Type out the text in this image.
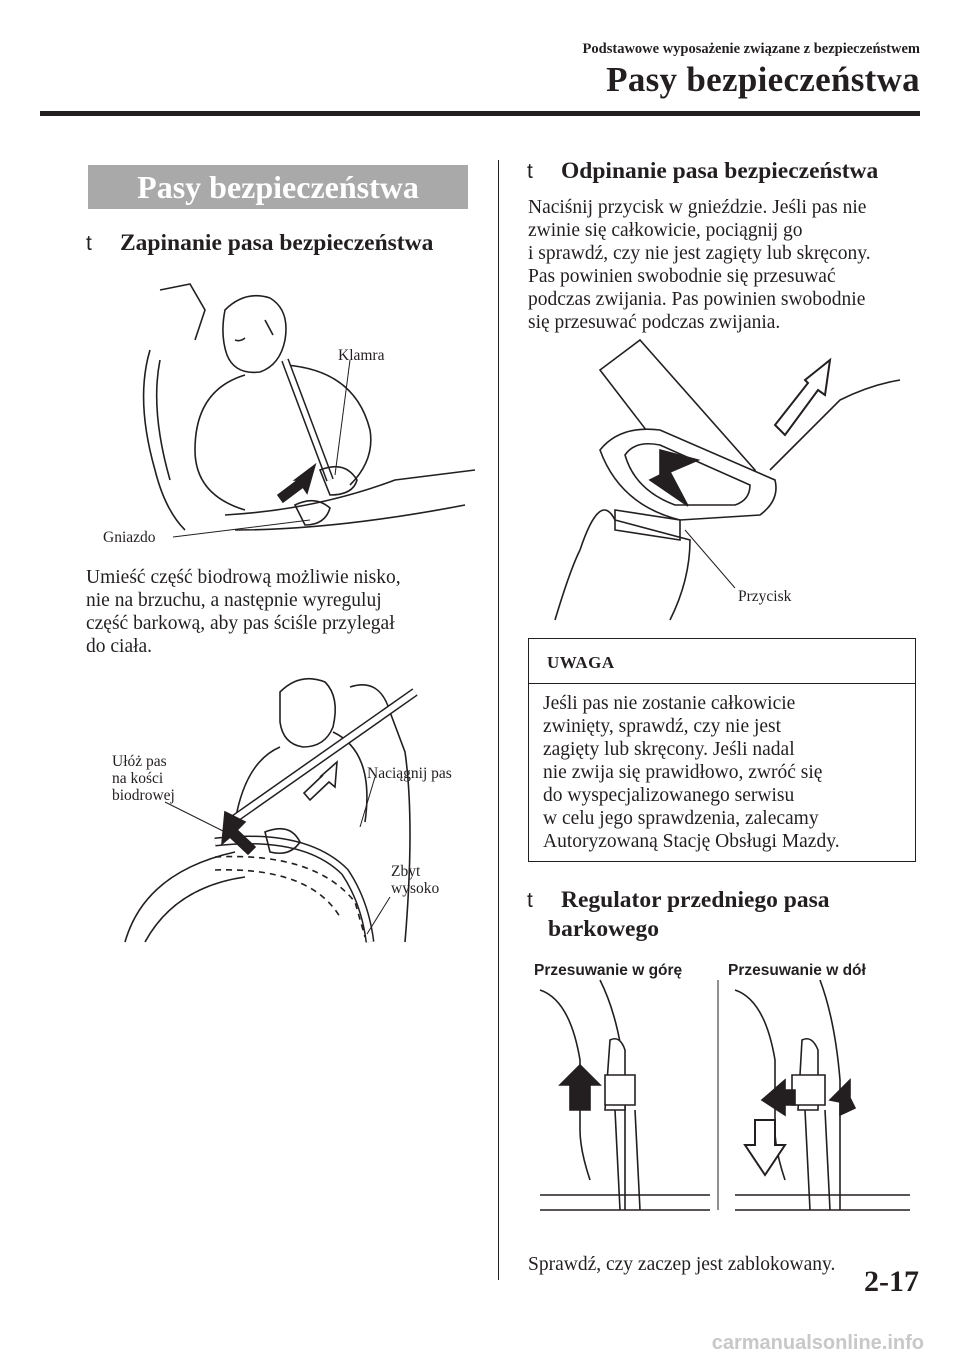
Podstawowe wyposażenie związane z bezpieczeństwem
Pasy bezpieczeństwa
Pasy bezpieczeństwa
t Zapinanie pasa bezpieczeństwa
Klamra
Gniazdo

Umieść część biodrową możliwie nisko,

nie na brzuchu, a następnie wyreguluj

część barkową, aby pas ściśle przylegał

do ciała.

Ułóż pas
na kości
biodrowej
Naciągnij pas
Zbyt
wysoko
t Odpinanie pasa bezpieczeństwa

Naciśnij przycisk w gnieździe. Jeśli pas nie

zwinie się całkowicie, pociągnij go

i sprawdź, czy nie jest zagięty lub skręcony.

Pas powinien swobodnie się przesuwać

podczas zwijania. Pas powinien swobodnie

się przesuwać podczas zwijania.

Przycisk
UWAGA

Jeśli pas nie zostanie całkowicie

zwinięty, sprawdź, czy nie jest

zagięty lub skręcony. Jeśli nadal

nie zwija się prawidłowo, zwróć się

do wyspecjalizowanego serwisu

w celu jego sprawdzenia, zalecamy

Autoryzowaną Stację Obsługi Mazdy.

t Regulator przedniego pasa
barkowego
Przesuwanie w górę	Przesuwanie w dół
Sprawdź, czy zaczep jest zablokowany.
2-17
carmanualsonline.info
